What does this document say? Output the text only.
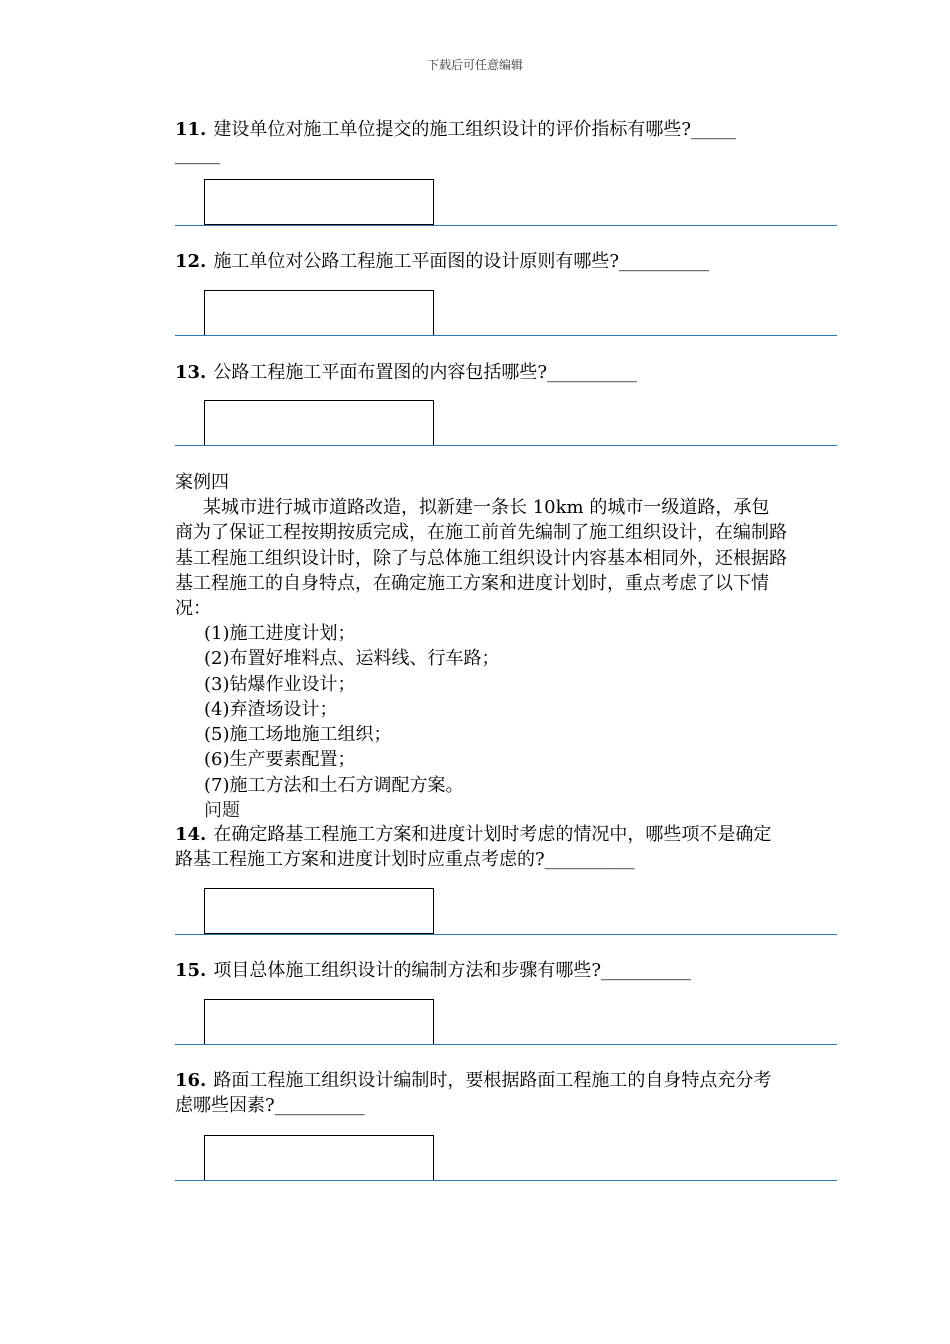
下载后可任意编辑
11. 建设单位对施工单位提交的施工组织设计的评价指标有哪些?_____ _____
12. 施工单位对公路工程施工平面图的设计原则有哪些?__________
13. 公路工程施工平面布置图的内容包括哪些?__________
案例四
某城市进行城市道路改造，拟新建一条长 10km 的城市一级道路，承包商为了保证工程按期按质完成，在施工前首先编制了施工组织设计，在编制路基工程施工组织设计时，除了与总体施工组织设计内容基本相同外，还根据路基工程施工的自身特点，在确定施工方案和进度计划时，重点考虑了以下情况：
(1)施工进度计划；
(2)布置好堆料点、运料线、行车路；
(3)钻爆作业设计；
(4)弃渣场设计；
(5)施工场地施工组织；
(6)生产要素配置；
(7)施工方法和土石方调配方案。
问题
14. 在确定路基工程施工方案和进度计划时考虑的情况中，哪些项不是确定路基工程施工方案和进度计划时应重点考虑的?__________
15. 项目总体施工组织设计的编制方法和步骤有哪些?__________
16. 路面工程施工组织设计编制时，要根据路面工程施工的自身特点充分考虑哪些因素?__________
